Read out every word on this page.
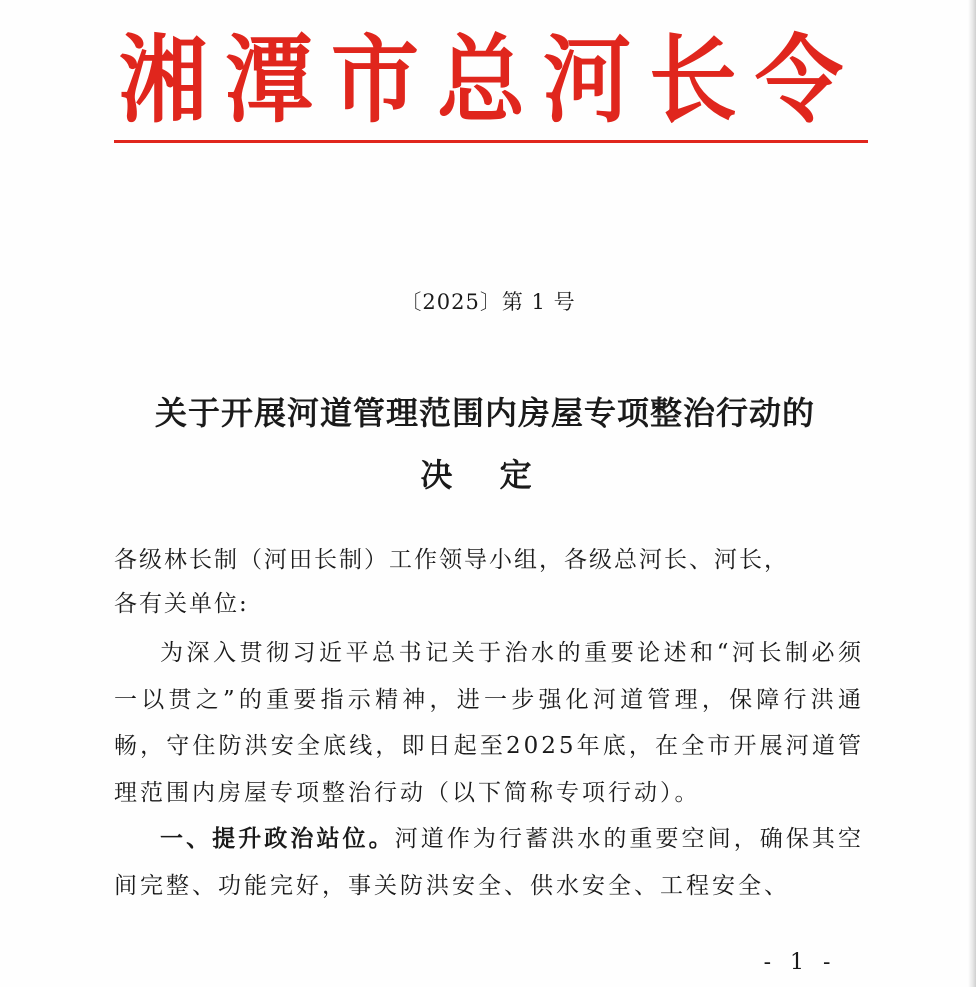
湘潭市总河长令
〔2025〕第 1 号
关于开展河道管理范围内房屋专项整治行动的
决 定
各级林长制（河田长制）工作领导小组，各级总河长、河长，
各有关单位:

为深入贯彻习近平总书记关于治水的重要论述和“河长制必须一以贯之”的重要指示精神，进一步强化河道管理，保障行洪通畅，守住防洪安全底线，即日起至2025年底，在全市开展河道管理范围内房屋专项整治行动（以下简称专项行动）。

一、提升政治站位。河道作为行蓄洪水的重要空间，确保其空间完整、功能完好，事关防洪安全、供水安全、工程安全、

- 1 -
